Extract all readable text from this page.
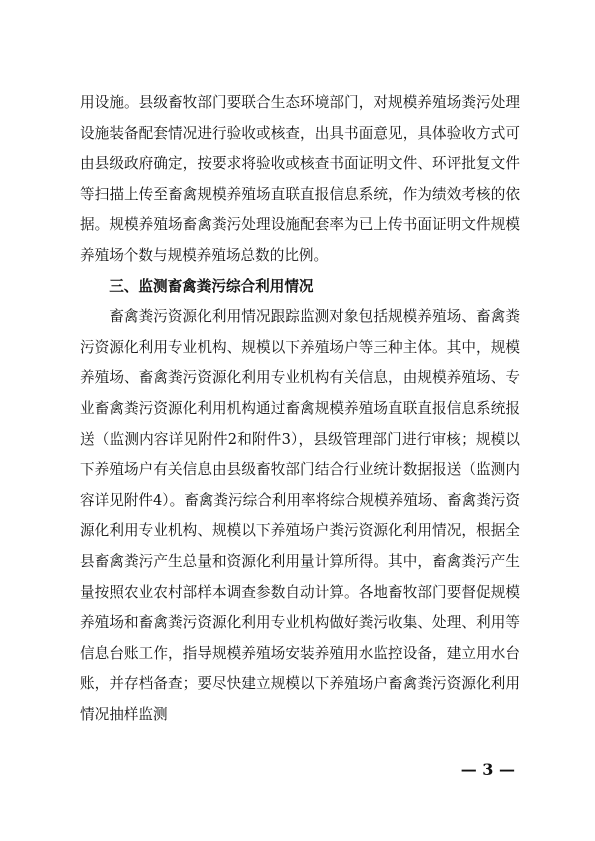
用设施。县级畜牧部门要联合生态环境部门，对规模养殖场粪污处理设施装备配套情况进行验收或核查，出具书面意见，具体验收方式可由县级政府确定，按要求将验收或核查书面证明文件、环评批复文件等扫描上传至畜禽规模养殖场直联直报信息系统，作为绩效考核的依据。规模养殖场畜禽粪污处理设施配套率为已上传书面证明文件规模养殖场个数与规模养殖场总数的比例。

三、监测畜禽粪污综合利用情况

畜禽粪污资源化利用情况跟踪监测对象包括规模养殖场、畜禽粪污资源化利用专业机构、规模以下养殖场户等三种主体。其中，规模养殖场、畜禽粪污资源化利用专业机构有关信息，由规模养殖场、专业畜禽粪污资源化利用机构通过畜禽规模养殖场直联直报信息系统报送（监测内容详见附件2和附件3），县级管理部门进行审核；规模以下养殖场户有关信息由县级畜牧部门结合行业统计数据报送（监测内容详见附件4）。畜禽粪污综合利用率将综合规模养殖场、畜禽粪污资源化利用专业机构、规模以下养殖场户粪污资源化利用情况，根据全县畜禽粪污产生总量和资源化利用量计算所得。其中，畜禽粪污产生量按照农业农村部样本调查参数自动计算。各地畜牧部门要督促规模养殖场和畜禽粪污资源化利用专业机构做好粪污收集、处理、利用等信息台账工作，指导规模养殖场安装养殖用水监控设备，建立用水台账，并存档备查；要尽快建立规模以下养殖场户畜禽粪污资源化利用情况抽样监测

— 3 —
